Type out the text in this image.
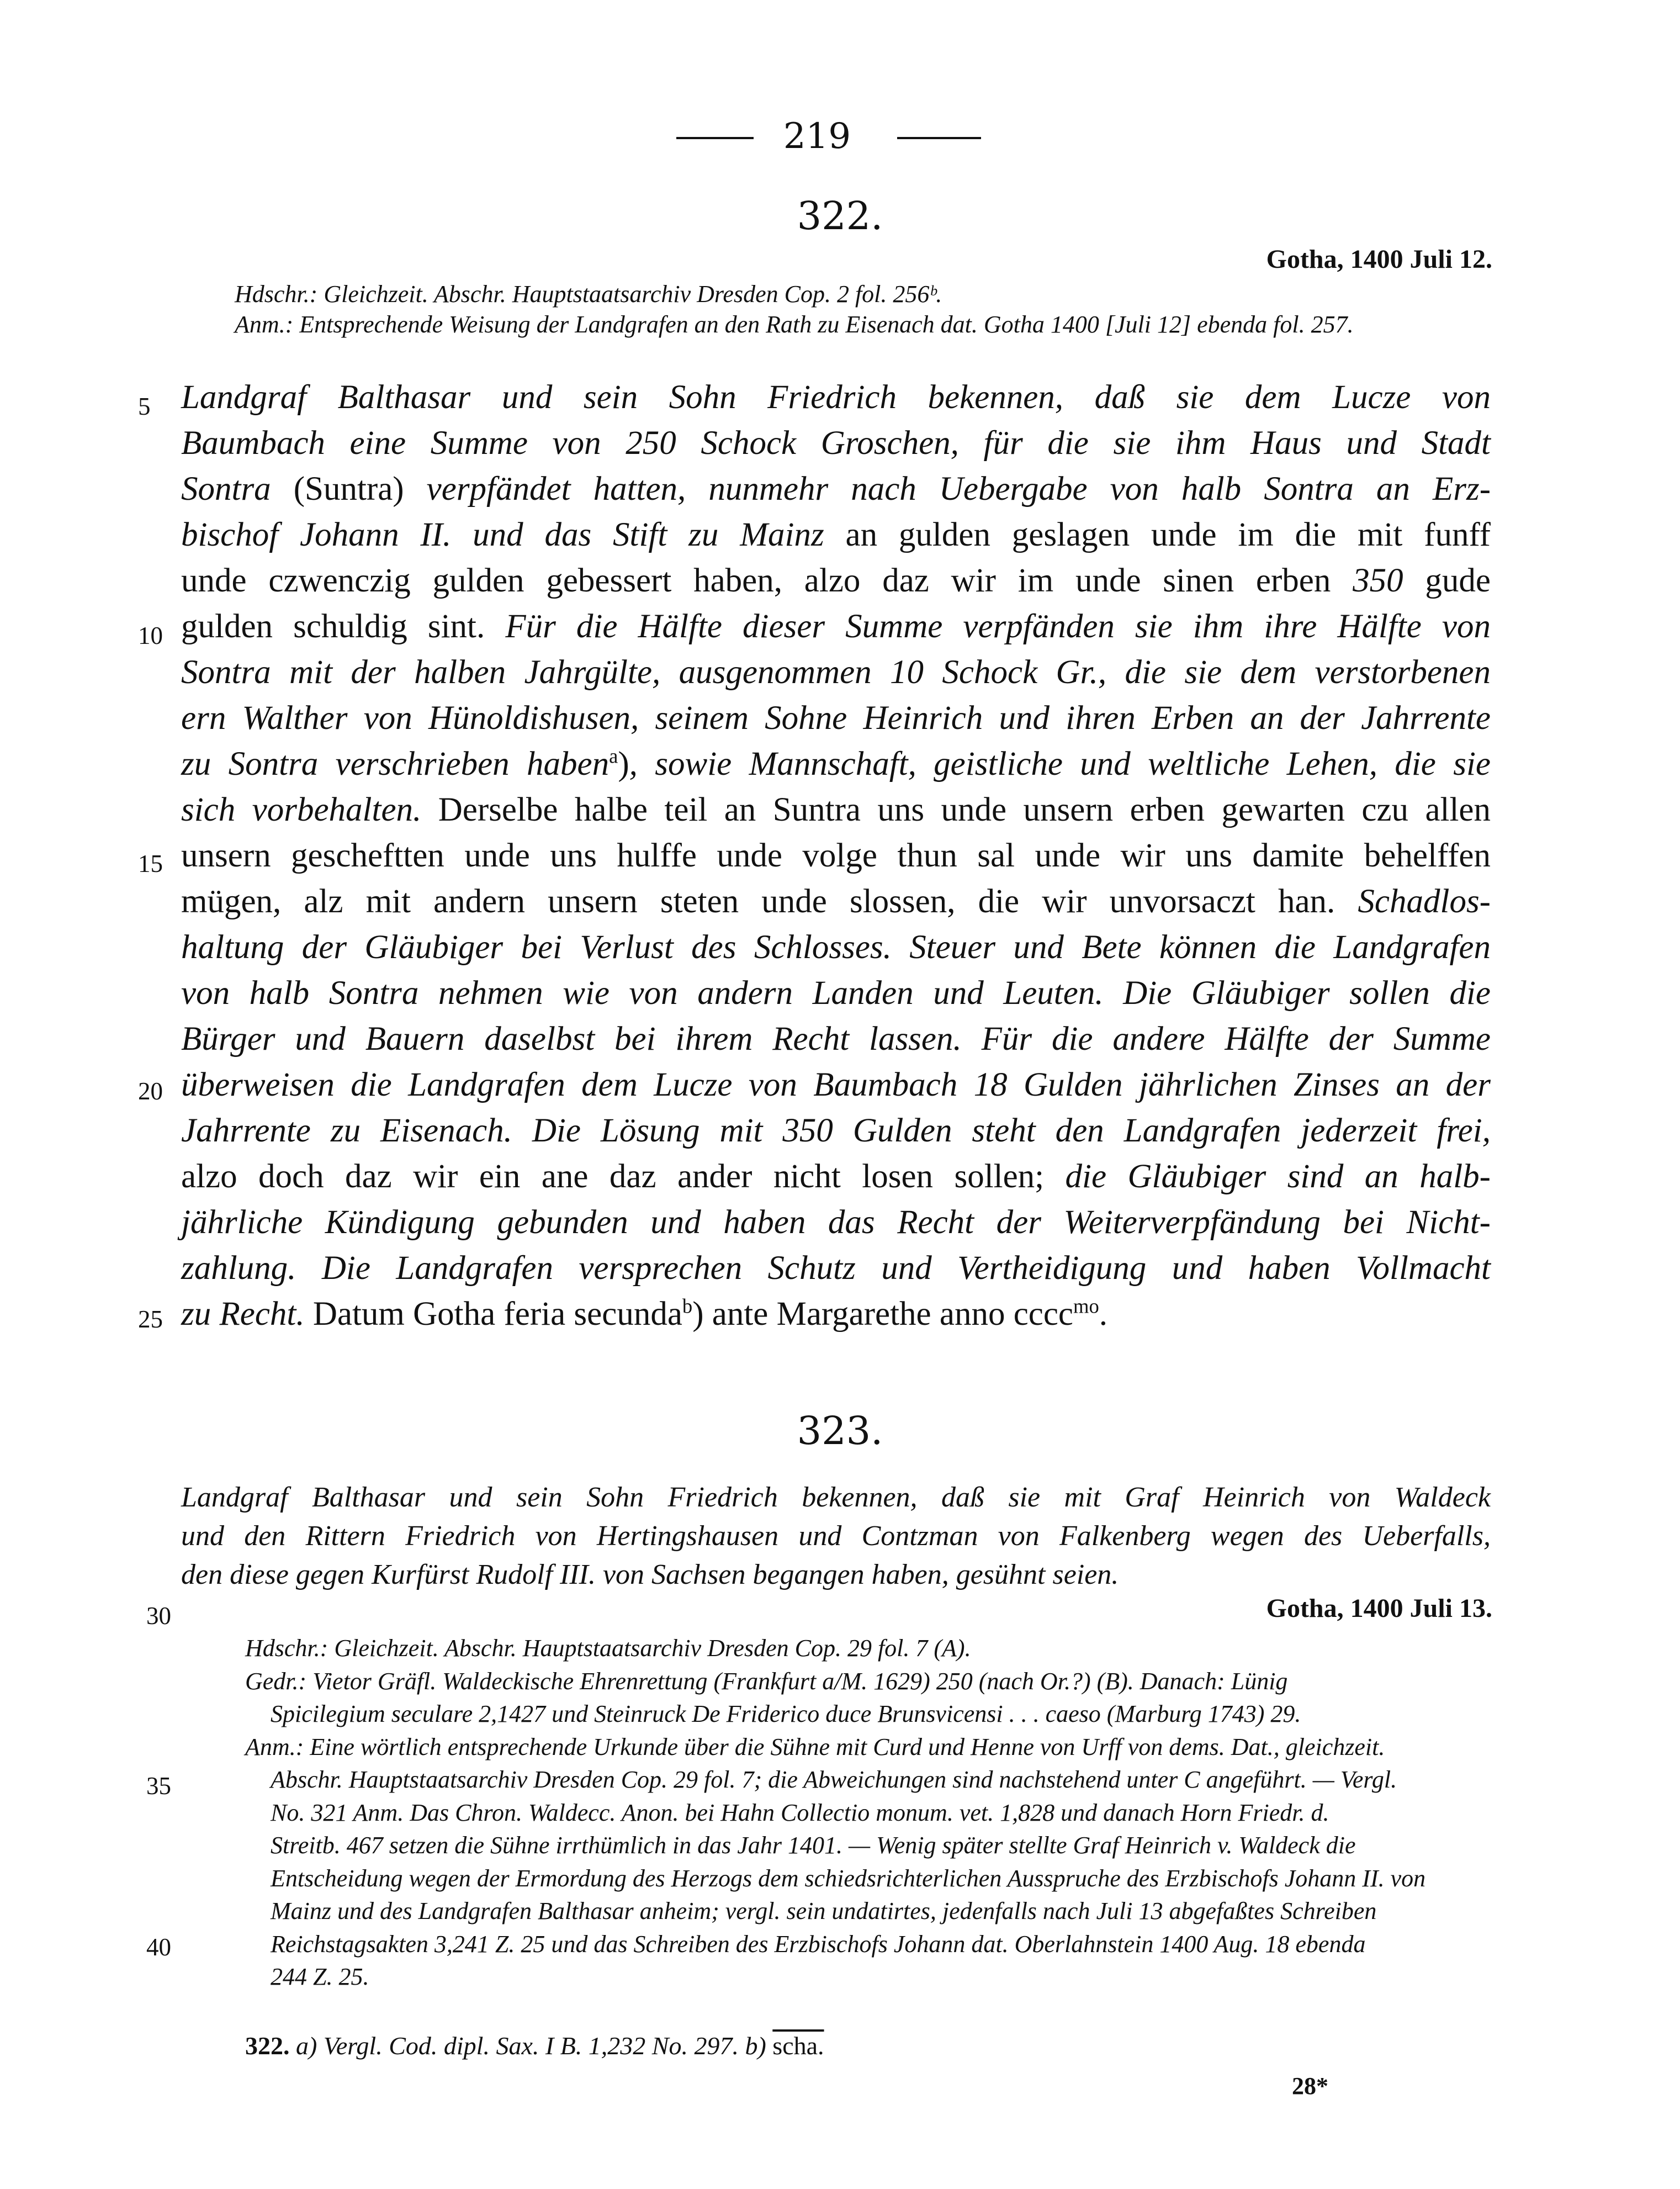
219
322.
Gotha, 1400 Juli 12.
Hdschr.: Gleichzeit. Abschr. Hauptstaatsarchiv Dresden Cop. 2 fol. 256ᵇ.
Anm.: Entsprechende Weisung der Landgrafen an den Rath zu Eisenach dat. Gotha 1400 [Juli 12] ebenda fol. 257.
Landgraf Balthasar und sein Sohn Friedrich bekennen, daß sie dem Lucze von
Baumbach eine Summe von 250 Schock Groschen, für die sie ihm Haus und Stadt
Sontra (Suntra) verpfändet hatten, nunmehr nach Uebergabe von halb Sontra an Erz-
bischof Johann II. und das Stift zu Mainz an gulden geslagen unde im die mit funff
unde czwenczig gulden gebessert haben, alzo daz wir im unde sinen erben 350 gude
gulden schuldig sint. Für die Hälfte dieser Summe verpfänden sie ihm ihre Hälfte von
Sontra mit der halben Jahrgülte, ausgenommen 10 Schock Gr., die sie dem verstorbenen
ern Walther von Hünoldishusen, seinem Sohne Heinrich und ihren Erben an der Jahrrente
zu Sontra verschrieben haben$^a$), sowie Mannschaft, geistliche und weltliche Lehen, die sie
sich vorbehalten. Derselbe halbe teil an Suntra uns unde unsern erben gewarten czu allen
unsern gescheftten unde uns hulffe unde volge thun sal unde wir uns damite behelffen
mügen, alz mit andern unsern steten unde slossen, die wir unvorsaczt han. Schadlos-
haltung der Gläubiger bei Verlust des Schlosses. Steuer und Bete können die Landgrafen
von halb Sontra nehmen wie von andern Landen und Leuten. Die Gläubiger sollen die
Bürger und Bauern daselbst bei ihrem Recht lassen. Für die andere Hälfte der Summe
überweisen die Landgrafen dem Lucze von Baumbach 18 Gulden jährlichen Zinses an der
Jahrrente zu Eisenach. Die Lösung mit 350 Gulden steht den Landgrafen jederzeit frei,
alzo doch daz wir ein ane daz ander nicht losen sollen; die Gläubiger sind an halb-
jährliche Kündigung gebunden und haben das Recht der Weiterverpfändung bei Nicht-
zahlung. Die Landgrafen versprechen Schutz und Vertheidigung und haben Vollmacht
zu Recht. Datum Gotha feria secunda$^b$) ante Margarethe anno cccc$^{mo}$.
323.
Landgraf Balthasar und sein Sohn Friedrich bekennen, daß sie mit Graf Heinrich von Waldeck
und den Rittern Friedrich von Hertingshausen und Contzman von Falkenberg wegen des Ueberfalls,
den diese gegen Kurfürst Rudolf III. von Sachsen begangen haben, gesühnt seien.
Gotha, 1400 Juli 13.
Hdschr.: Gleichzeit. Abschr. Hauptstaatsarchiv Dresden Cop. 29 fol. 7 (A).
Gedr.: Vietor Gräfl. Waldeckische Ehrenrettung (Frankfurt a/M. 1629) 250 (nach Or.?) (B). Danach: Lünig
Spicilegium seculare 2,1427 und Steinruck De Friderico duce Brunsvicensi . . . caeso (Marburg 1743) 29.
Anm.: Eine wörtlich entsprechende Urkunde über die Sühne mit Curd und Henne von Urff von dems. Dat., gleichzeit.
Abschr. Hauptstaatsarchiv Dresden Cop. 29 fol. 7; die Abweichungen sind nachstehend unter C angeführt. — Vergl.
No. 321 Anm. Das Chron. Waldecc. Anon. bei Hahn Collectio monum. vet. 1,828 und danach Horn Friedr. d.
Streitb. 467 setzen die Sühne irrthümlich in das Jahr 1401. — Wenig später stellte Graf Heinrich v. Waldeck die
Entscheidung wegen der Ermordung des Herzogs dem schiedsrichterlichen Ausspruche des Erzbischofs Johann II. von
Mainz und des Landgrafen Balthasar anheim; vergl. sein undatirtes, jedenfalls nach Juli 13 abgefaßtes Schreiben
Reichstagsakten 3,241 Z. 25 und das Schreiben des Erzbischofs Johann dat. Oberlahnstein 1400 Aug. 18 ebenda
244 Z. 25.
5
10
15
20
25
30
35
40
322. a) Vergl. Cod. dipl. Sax. I B. 1,232 No. 297. b) scha.
28*
